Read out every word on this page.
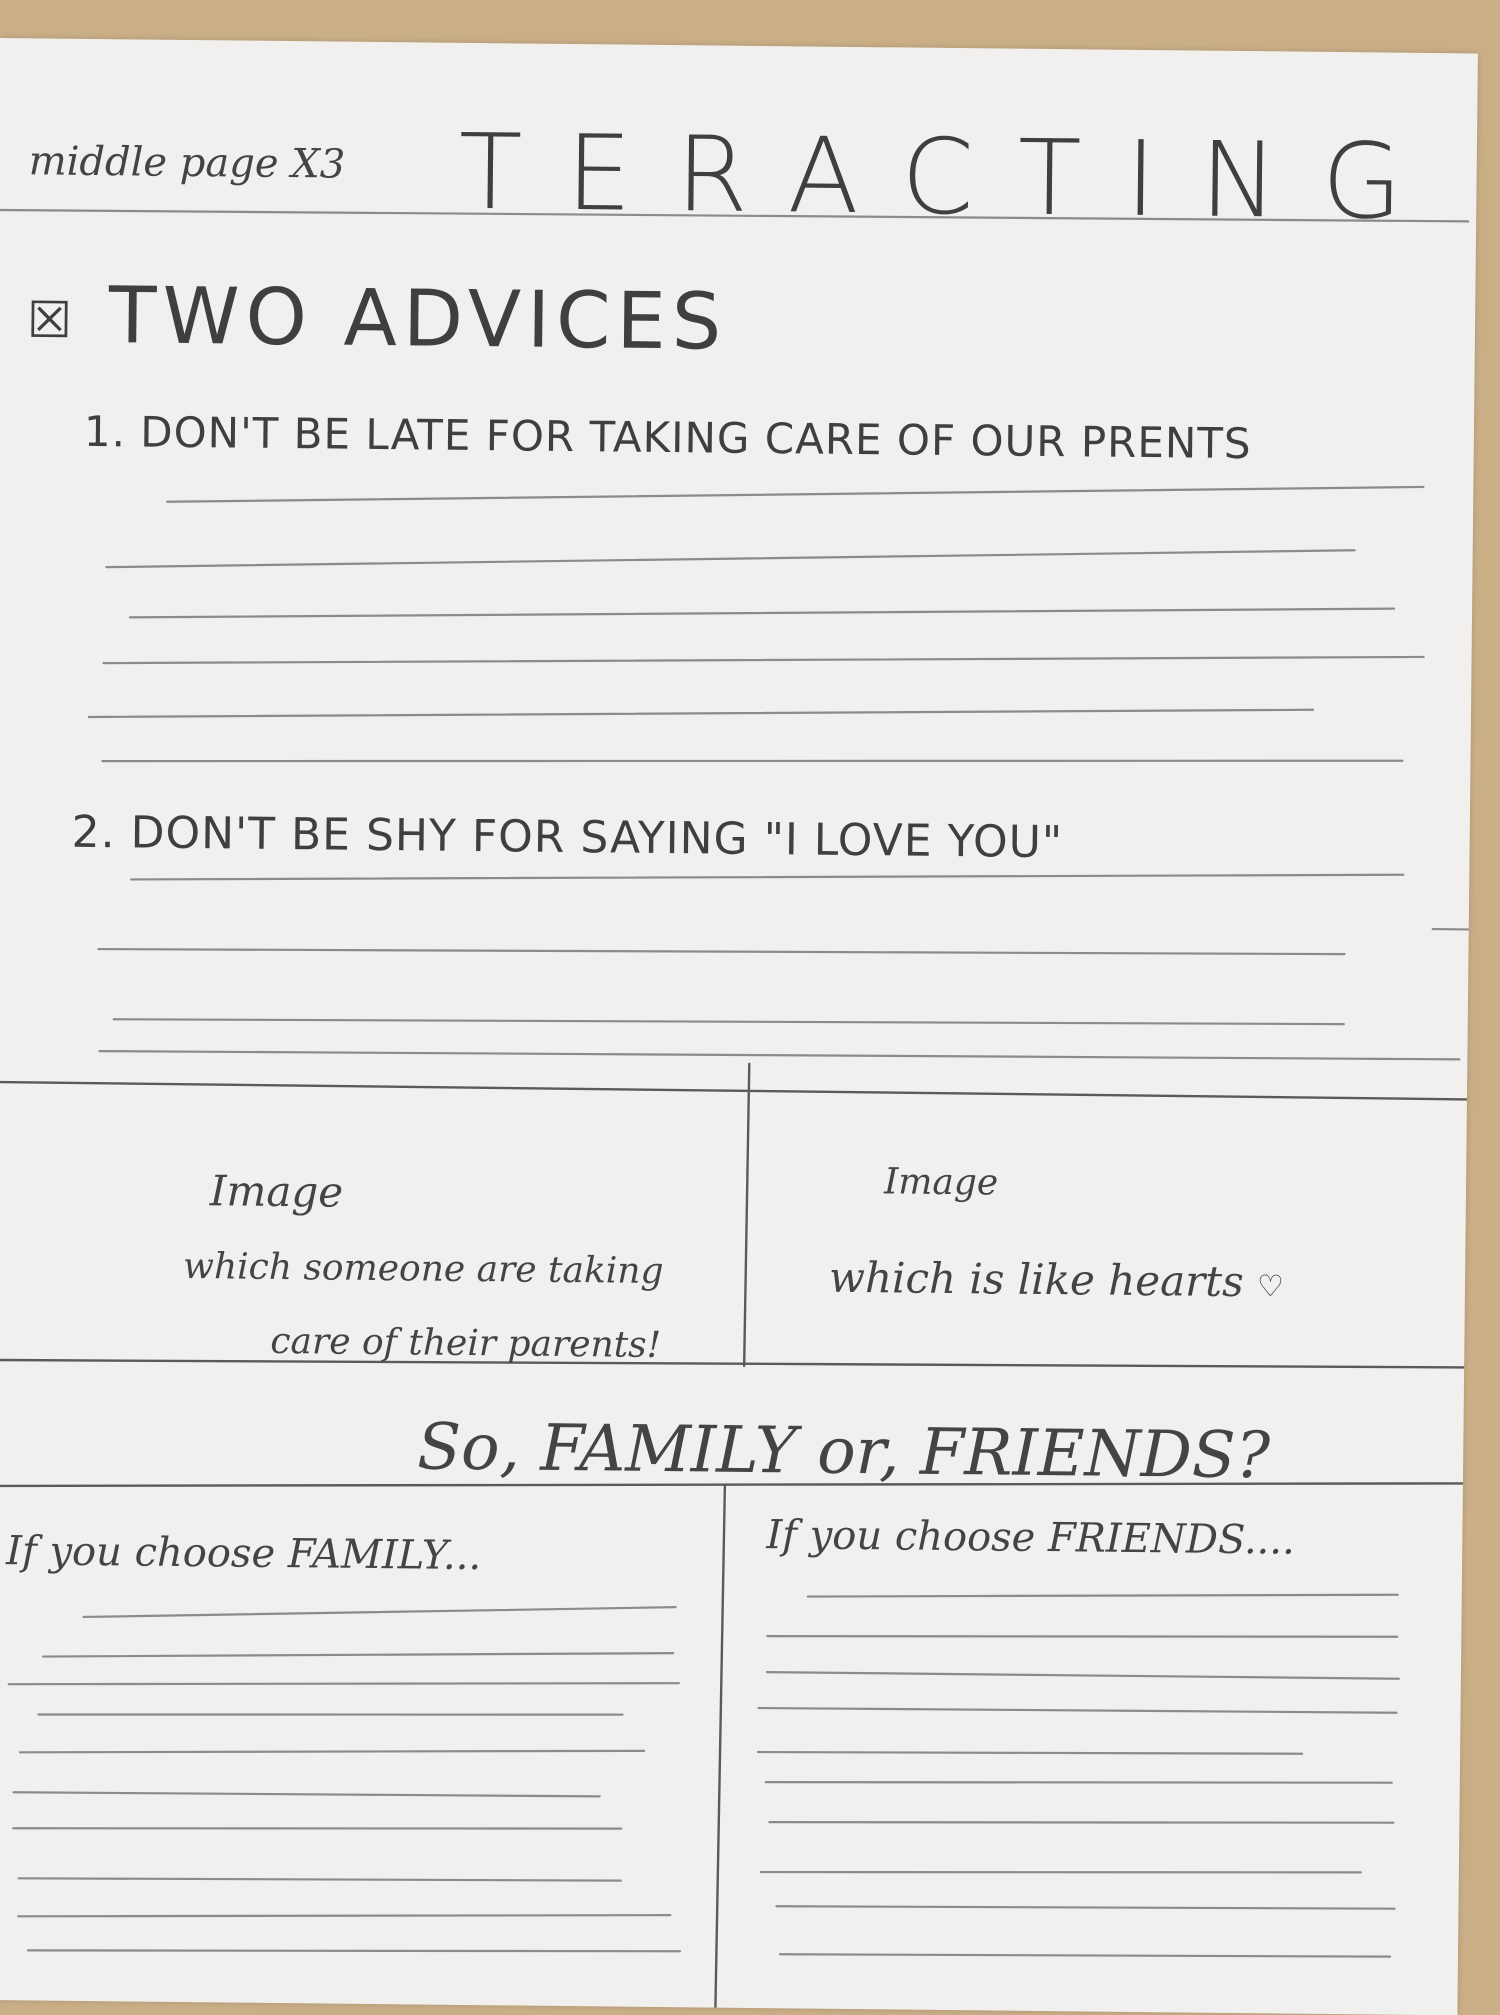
middle page X3 TERACTING
☒ TWO ADVICES
1. DON'T BE LATE FOR TAKING CARE OF OUR PRENTS
2. DON'T BE SHY FOR SAYING "I LOVE YOU"
Image
which someone are taking
care of their parents!
Image
which is like hearts ♡
So, FAMILY or, FRIENDS?
If you choose FAMILY...	If you choose FRIENDS....
